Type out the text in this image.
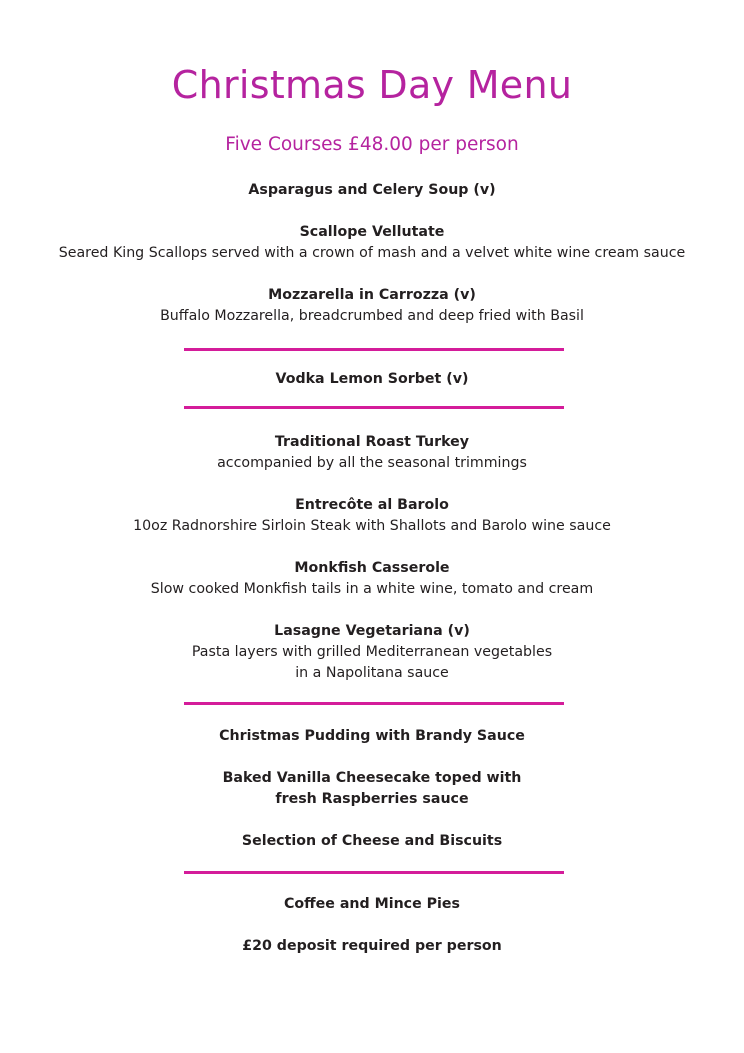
Christmas Day Menu
Five Courses £48.00 per person
Asparagus and Celery Soup (v)
Scallope Vellutate
Seared King Scallops served with a crown of mash and a velvet white wine cream sauce
Mozzarella in Carrozza (v)
Buffalo Mozzarella, breadcrumbed and deep fried with Basil
Vodka Lemon Sorbet (v)
Traditional Roast Turkey
accompanied by all the seasonal trimmings
Entrecôte al Barolo
10oz Radnorshire Sirloin Steak with Shallots and Barolo wine sauce
Monkfish Casserole
Slow cooked Monkfish tails in a white wine, tomato and cream
Lasagne Vegetariana (v)
Pasta layers with grilled Mediterranean vegetables
in a Napolitana sauce
Christmas Pudding with Brandy Sauce
Baked Vanilla Cheesecake toped with
fresh Raspberries sauce
Selection of Cheese and Biscuits
Coffee and Mince Pies
£20 deposit required per person
